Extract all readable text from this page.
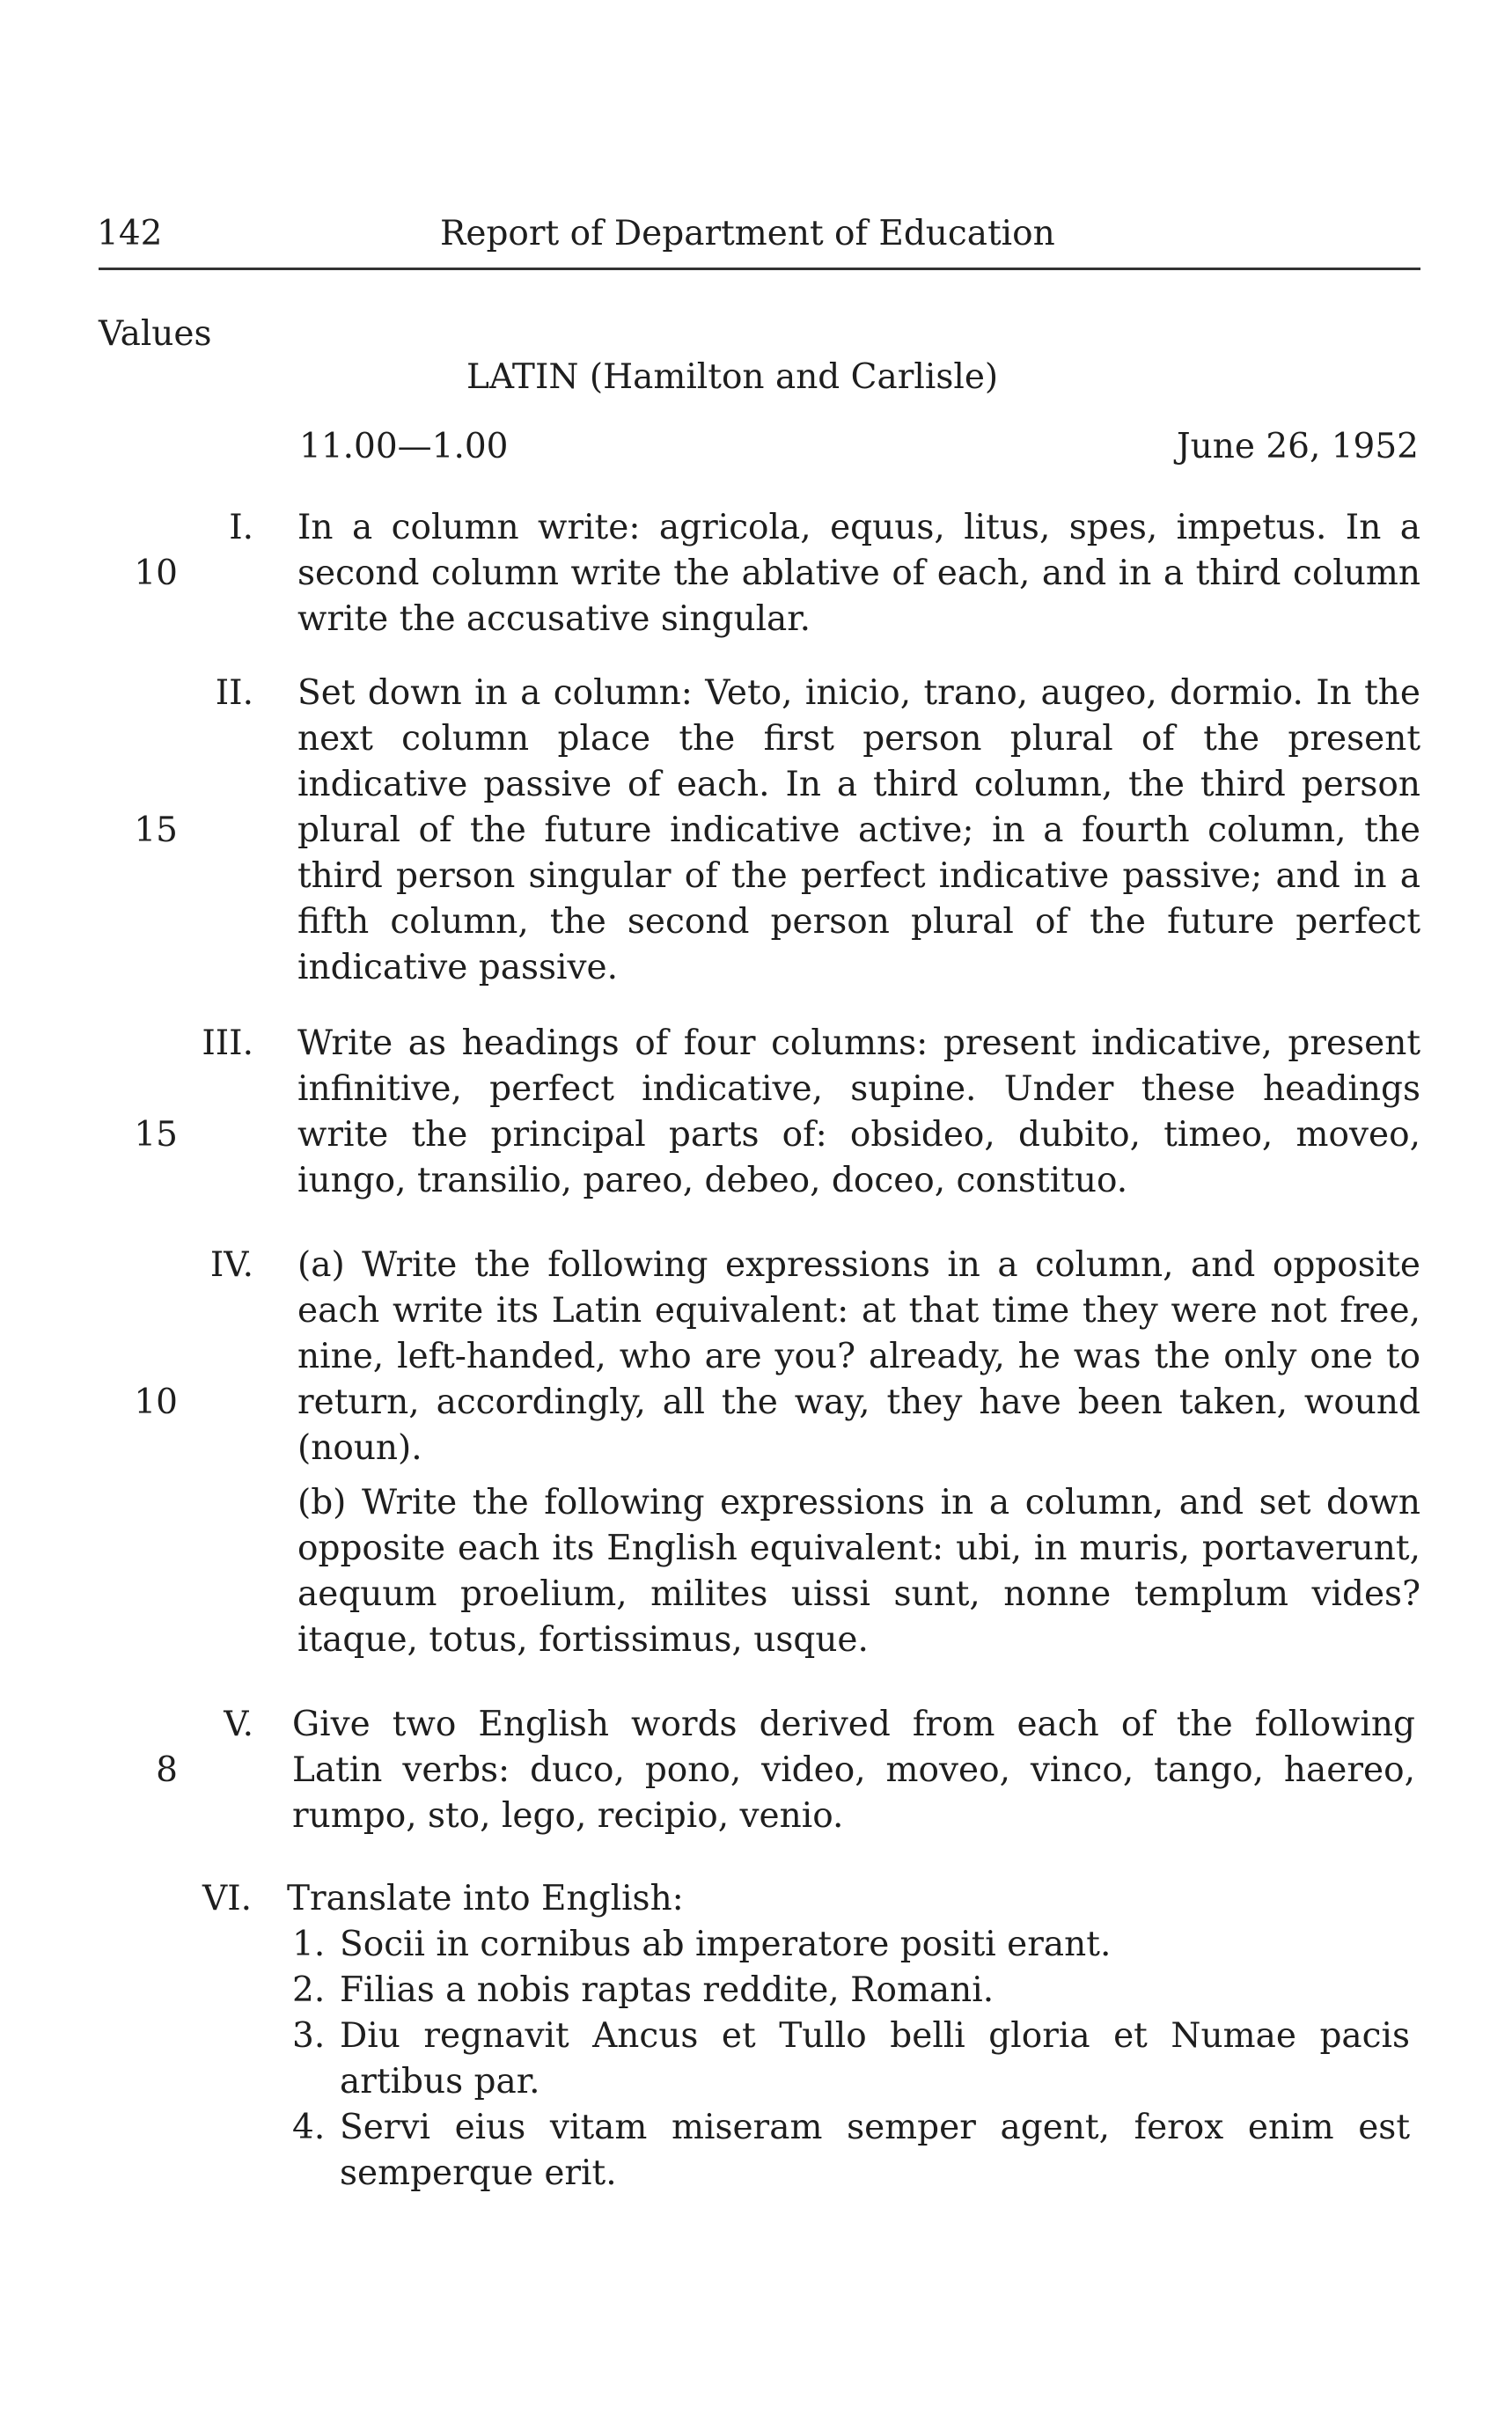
142	Report of Department of Education
Values
LATIN (Hamilton and Carlisle)
11.00—1.00	June 26, 1952
10
I. In a column write: agricola, equus, litus, spes, impetus. In a second column write the ablative of each, and in a third column write the accusative singular.
15
II. Set down in a column: Veto, inicio, trano, augeo, dormio. In the next column place the first person plural of the present indicative passive of each. In a third column, the third person plural of the future indicative active; in a fourth column, the third person singular of the perfect indicative passive; and in a fifth column, the second person plural of the future perfect indicative passive.
15
III. Write as headings of four columns: present indicative, present infinitive, perfect indicative, supine. Under these headings write the principal parts of: obsideo, dubito, timeo, moveo, iungo, transilio, pareo, debeo, doceo, constituo.
10
IV. (a) Write the following expressions in a column, and opposite each write its Latin equivalent: at that time they were not free, nine, left-handed, who are you? already, he was the only one to return, accordingly, all the way, they have been taken, wound (noun).

(b) Write the following expressions in a column, and set down opposite each its English equivalent: ubi, in muris, portaverunt, aequum proelium, milites uissi sunt, nonne templum vides? itaque, totus, fortissimus, usque.

8
V. Give two English words derived from each of the following Latin verbs: duco, pono, video, moveo, vinco, tango, haereo, rumpo, sto, lego, recipio, venio.
VI. Translate into English:
1. Socii in cornibus ab imperatore positi erant.
2. Filias a nobis raptas reddite, Romani.
3. Diu regnavit Ancus et Tullo belli gloria et Numae pacis artibus par.
4. Servi eius vitam miseram semper agent, ferox enim est semperque erit.
